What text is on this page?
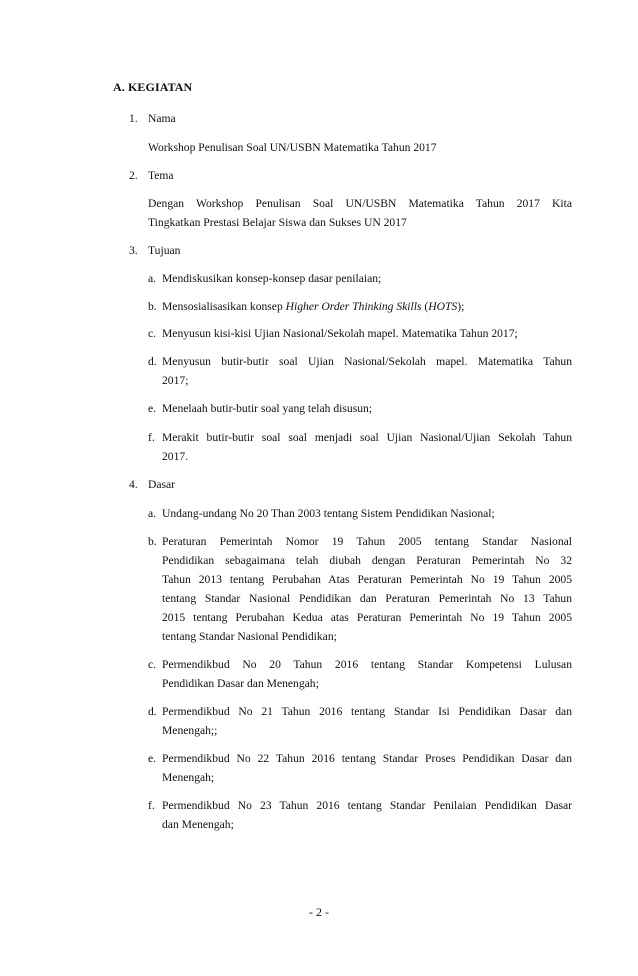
A. KEGIATAN
1. Nama
Workshop Penulisan Soal UN/USBN Matematika Tahun 2017
2. Tema
Dengan Workshop Penulisan Soal UN/USBN Matematika Tahun 2017 Kita
Tingkatkan Prestasi Belajar Siswa dan Sukses UN 2017
3. Tujuan
a. Mendiskusikan konsep-konsep dasar penilaian;
b. Mensosialisasikan konsep Higher Order Thinking Skills (HOTS);
c. Menyusun kisi-kisi Ujian Nasional/Sekolah mapel. Matematika Tahun 2017;
d. Menyusun butir-butir soal Ujian Nasional/Sekolah mapel. Matematika Tahun
2017;
e. Menelaah butir-butir soal yang telah disusun;
f. Merakit butir-butir soal soal menjadi soal Ujian Nasional/Ujian Sekolah Tahun
2017.
4. Dasar
a. Undang-undang No 20 Than 2003 tentang Sistem Pendidikan Nasional;
b. Peraturan Pemerintah Nomor 19 Tahun 2005 tentang Standar Nasional
Pendidikan sebagaimana telah diubah dengan Peraturan Pemerintah No 32
Tahun 2013 tentang Perubahan Atas Peraturan Pemerintah No 19 Tahun 2005
tentang Standar Nasional Pendidikan dan Peraturan Pemerintah No 13 Tahun
2015 tentang Perubahan Kedua atas Peraturan Pemerintah No 19 Tahun 2005
tentang Standar Nasional Pendidikan;
c. Permendikbud No 20 Tahun 2016 tentang Standar Kompetensi Lulusan
Pendidikan Dasar dan Menengah;
d. Permendikbud No 21 Tahun 2016 tentang Standar Isi Pendidikan Dasar dan
Menengah;;
e. Permendikbud No 22 Tahun 2016 tentang Standar Proses Pendidikan Dasar dan
Menengah;
f. Permendikbud No 23 Tahun 2016 tentang Standar Penilaian Pendidikan Dasar
dan Menengah;
- 2 -
